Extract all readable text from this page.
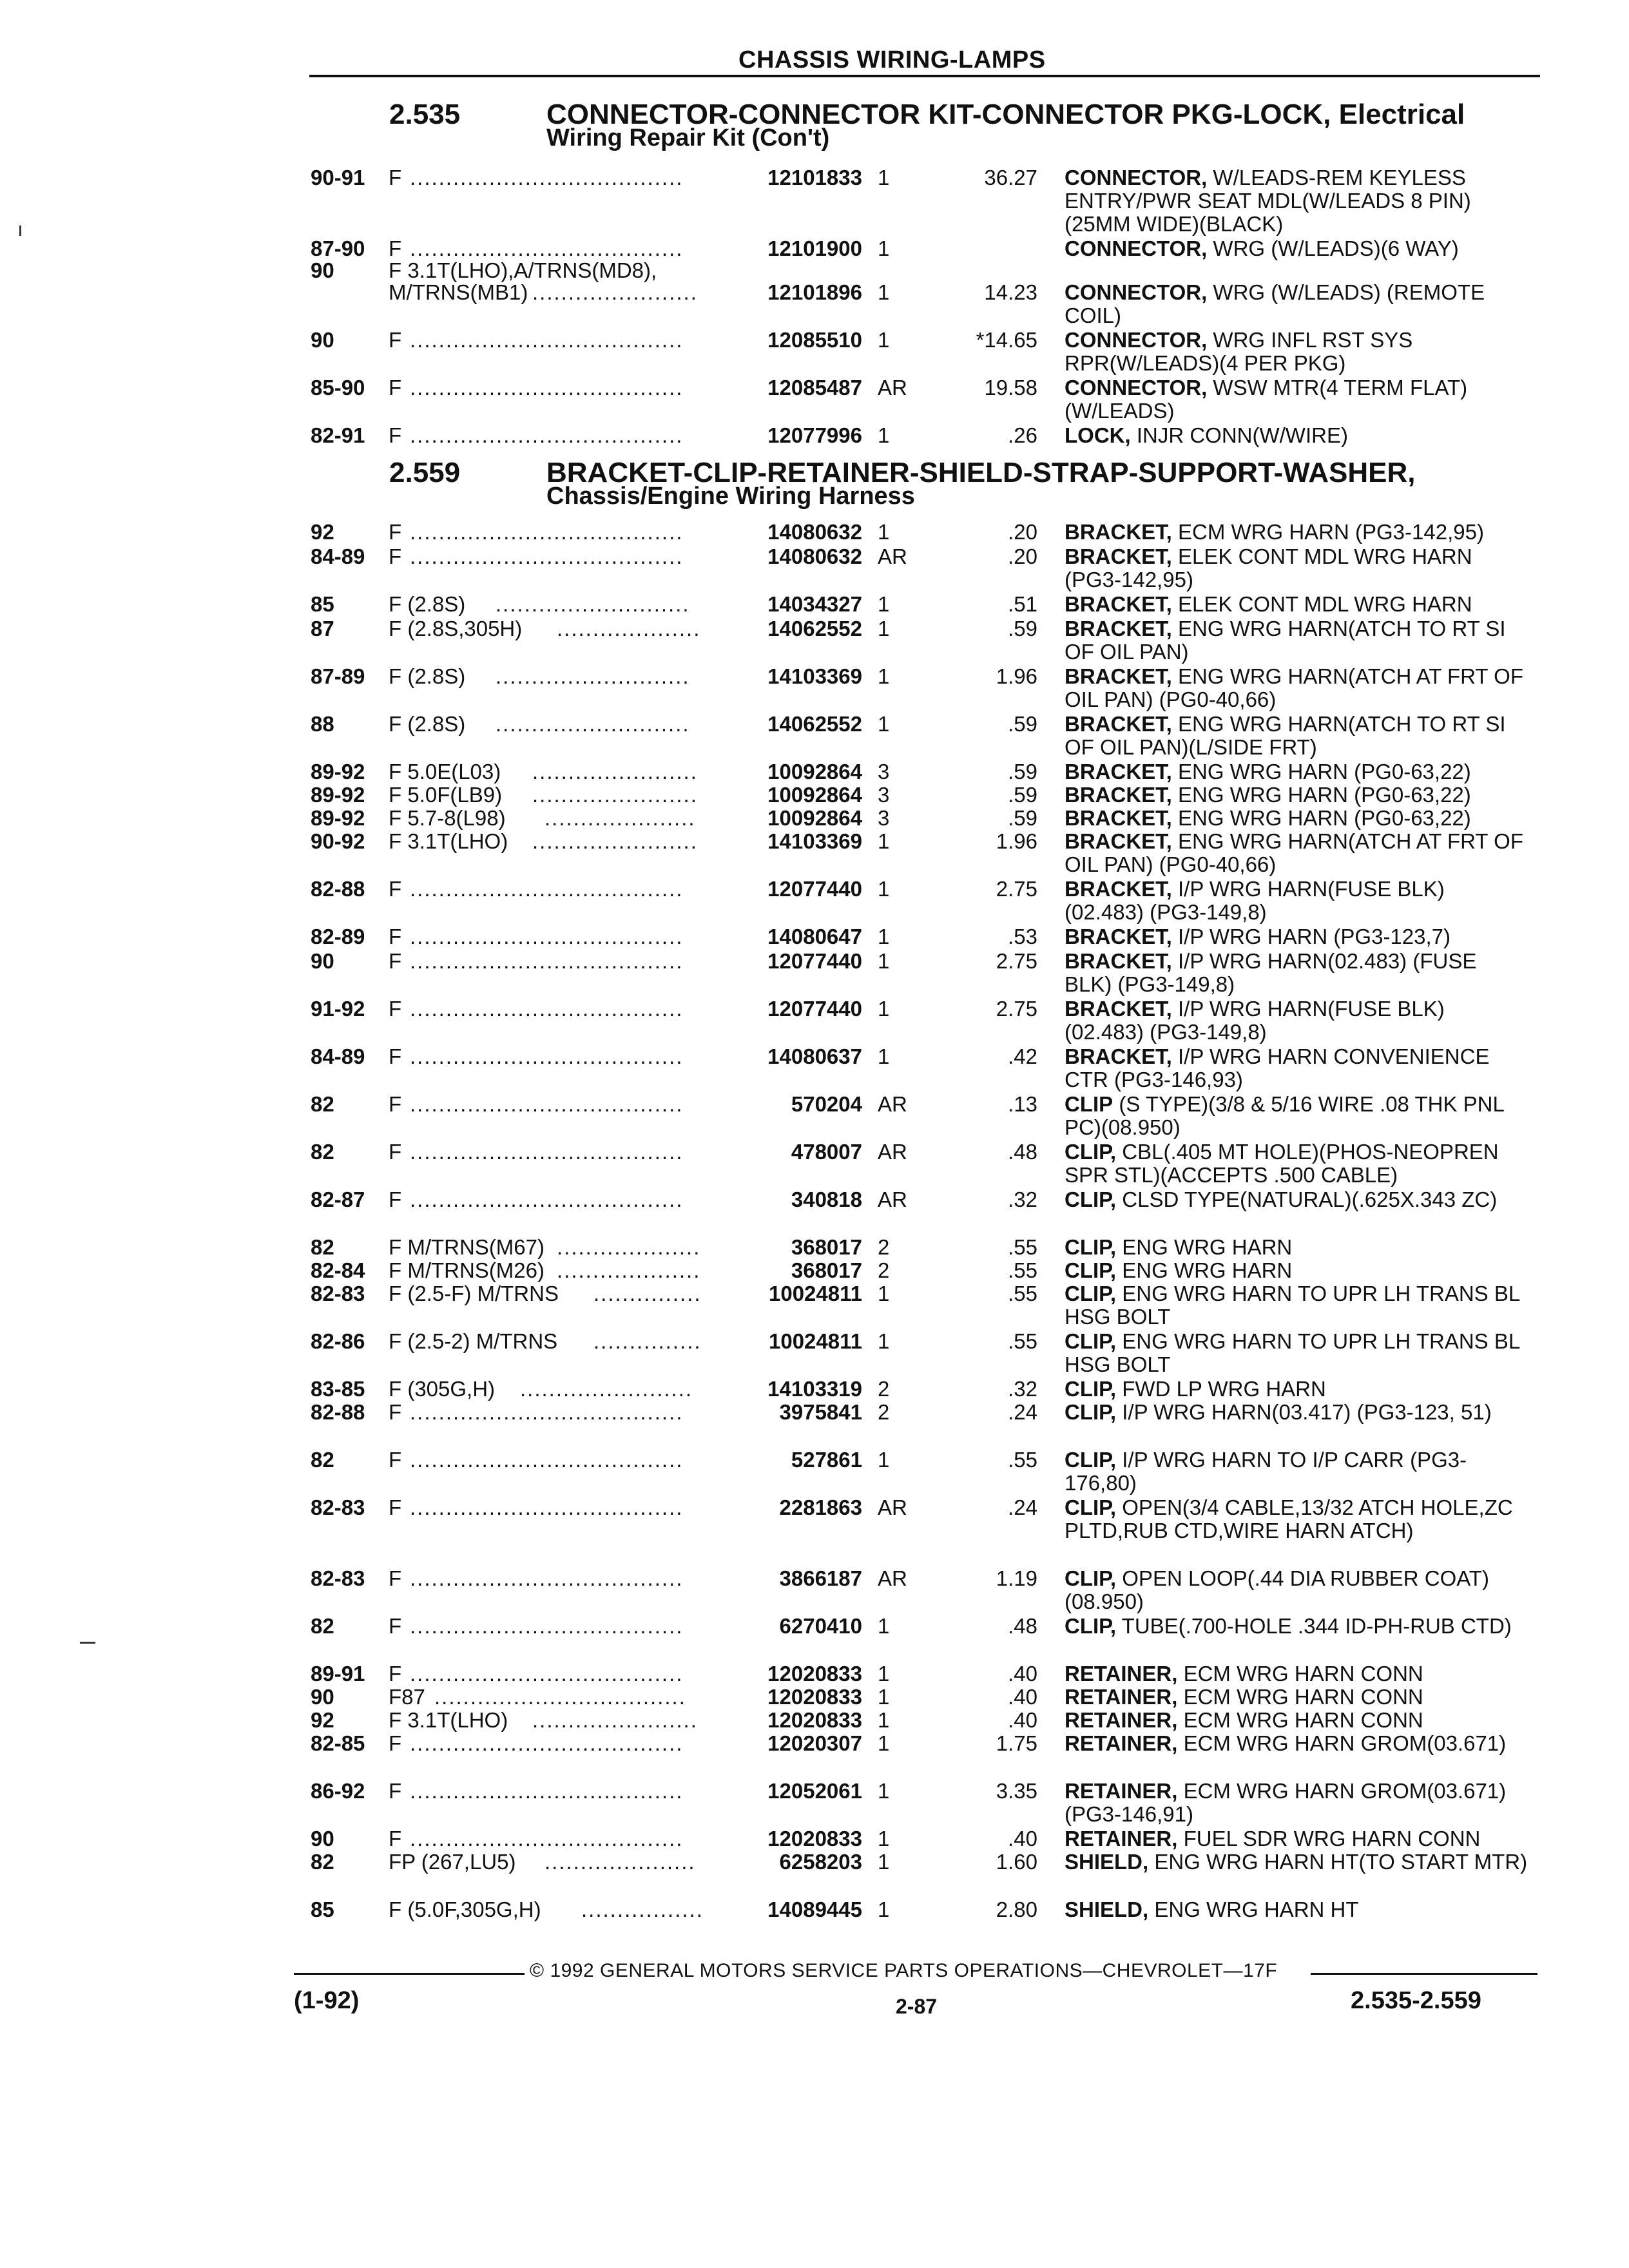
CHASSIS WIRING-LAMPS
2.535	CONNECTOR-CONNECTOR KIT-CONNECTOR PKG-LOCK, Electrical
Wiring Repair Kit (Con't)
2.559	BRACKET-CLIP-RETAINER-SHIELD-STRAP-SUPPORT-WASHER,
Chassis/Engine Wiring Harness
90-91 F ......................................	12101833 1	36.27 CONNECTOR, W/LEADS-REM KEYLESS ENTRY/PWR SEAT MDL(W/LEADS 8 PIN)(25MM WIDE)(BLACK)
87-90 F ......................................	12101900 1	CONNECTOR, WRG (W/LEADS)(6 WAY)
90	F 3.1T(LHO),A/TRNS(MD8),
M/TRNS(MB1) .......................	12101896 1	14.23 CONNECTOR, WRG (W/LEADS) (REMOTE COIL)
90	F ......................................	12085510 1	*14.65 CONNECTOR, WRG INFL RST SYS RPR(W/LEADS)(4 PER PKG)
85-90 F ......................................	12085487 AR	19.58 CONNECTOR, WSW MTR(4 TERM FLAT) (W/LEADS)
82-91 F ......................................	12077996 1	.26 LOCK, INJR CONN(W/WIRE)
92	F ......................................	14080632 1	.20 BRACKET, ECM WRG HARN (PG3-142,95)
84-89 F ......................................	14080632 AR	.20 BRACKET, ELEK CONT MDL WRG HARN (PG3-142,95)
85	F (2.8S) ...........................	14034327 1	.51 BRACKET, ELEK CONT MDL WRG HARN
87	F (2.8S,305H) ....................	14062552 1	.59 BRACKET, ENG WRG HARN(ATCH TO RT SI OF OIL PAN)
87-89 F (2.8S) ...........................	14103369 1	1.96 BRACKET, ENG WRG HARN(ATCH AT FRT OF OIL PAN) (PG0-40,66)
88	F (2.8S) ...........................	14062552 1	.59 BRACKET, ENG WRG HARN(ATCH TO RT SI OF OIL PAN)(L/SIDE FRT)
89-92 F 5.0E(L03) .......................	10092864 3	.59 BRACKET, ENG WRG HARN (PG0-63,22)
89-92 F 5.0F(LB9) .......................	10092864 3	.59 BRACKET, ENG WRG HARN (PG0-63,22)
89-92 F 5.7-8(L98) .....................	10092864 3	.59 BRACKET, ENG WRG HARN (PG0-63,22)
90-92 F 3.1T(LHO) .......................	14103369 1	1.96 BRACKET, ENG WRG HARN(ATCH AT FRT OF OIL PAN) (PG0-40,66)
82-88 F ......................................	12077440 1	2.75 BRACKET, I/P WRG HARN(FUSE BLK) (02.483) (PG3-149,8)
82-89 F ......................................	14080647 1	.53 BRACKET, I/P WRG HARN (PG3-123,7)
90	F ......................................	12077440 1	2.75 BRACKET, I/P WRG HARN(02.483) (FUSE BLK) (PG3-149,8)
91-92 F ......................................	12077440 1	2.75 BRACKET, I/P WRG HARN(FUSE BLK) (02.483) (PG3-149,8)
84-89 F ......................................	14080637 1	.42 BRACKET, I/P WRG HARN CONVENIENCE CTR (PG3-146,93)
82	F ......................................	570204 AR	.13 CLIP (S TYPE)(3/8 & 5/16 WIRE .08 THK PNL PC)(08.950)
82	F ......................................	478007 AR	.48 CLIP, CBL(.405 MT HOLE)(PHOS-NEOPREN SPR STL)(ACCEPTS .500 CABLE)
82-87 F ......................................	340818 AR	.32 CLIP, CLSD TYPE(NATURAL)(.625X.343 ZC)
82	F M/TRNS(M67) ....................	368017 2	.55 CLIP, ENG WRG HARN
82-84 F M/TRNS(M26) ....................	368017 2	.55 CLIP, ENG WRG HARN
82-83 F (2.5-F) M/TRNS ...............	10024811 1	.55 CLIP, ENG WRG HARN TO UPR LH TRANS BL HSG BOLT
82-86 F (2.5-2) M/TRNS ...............	10024811 1	.55 CLIP, ENG WRG HARN TO UPR LH TRANS BL HSG BOLT
83-85 F (305G,H) ........................	14103319 2	.32 CLIP, FWD LP WRG HARN
82-88 F ......................................	3975841 2	.24 CLIP, I/P WRG HARN(03.417) (PG3-123, 51)
82	F ......................................	527861 1	.55 CLIP, I/P WRG HARN TO I/P CARR (PG3-176,80)
82-83 F ......................................	2281863 AR	.24 CLIP, OPEN(3/4 CABLE,13/32 ATCH HOLE,ZC PLTD,RUB CTD,WIRE HARN ATCH)
82-83 F ......................................	3866187 AR	1.19 CLIP, OPEN LOOP(.44 DIA RUBBER COAT) (08.950)
82	F ......................................	6270410 1	.48 CLIP, TUBE(.700-HOLE .344 ID-PH-RUB CTD)
89-91 F ......................................	12020833 1	.40 RETAINER, ECM WRG HARN CONN
90	F87 ...................................	12020833 1	.40 RETAINER, ECM WRG HARN CONN
92	F 3.1T(LHO) .......................	12020833 1	.40 RETAINER, ECM WRG HARN CONN
82-85 F ......................................	12020307 1	1.75 RETAINER, ECM WRG HARN GROM(03.671)
86-92 F ......................................	12052061 1	3.35 RETAINER, ECM WRG HARN GROM(03.671) (PG3-146,91)
90	F ......................................	12020833 1	.40 RETAINER, FUEL SDR WRG HARN CONN
82	FP (267,LU5) .....................	6258203 1	1.60 SHIELD, ENG WRG HARN HT(TO START MTR)
85	F (5.0F,305G,H) .................	14089445 1	2.80 SHIELD, ENG WRG HARN HT
© 1992 GENERAL MOTORS SERVICE PARTS OPERATIONS—CHEVROLET—17F
(1-92)	2-87	2.535-2.559
